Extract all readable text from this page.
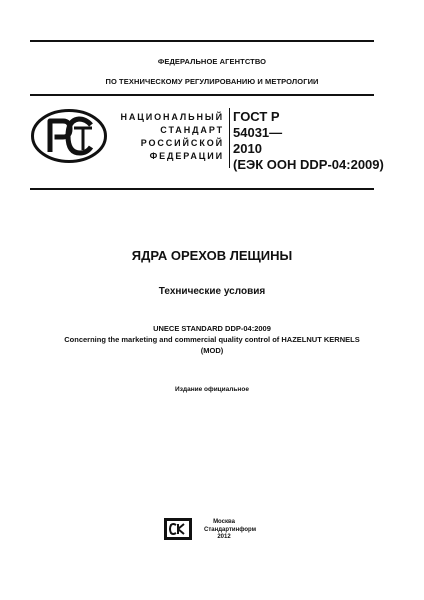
ФЕДЕРАЛЬНОЕ АГЕНТСТВО
ПО ТЕХНИЧЕСКОМУ РЕГУЛИРОВАНИЮ И МЕТРОЛОГИИ
НАЦИОНАЛЬНЫЙ
СТАНДАРТ
РОССИЙСКОЙ
ФЕДЕРАЦИИ
ГОСТ Р
54031—
2010
(ЕЭК ООН DDP-04:2009)
ЯДРА ОРЕХОВ ЛЕЩИНЫ
Технические условия
UNECE STANDARD DDP-04:2009
Concerning the marketing and commercial quality control of HAZELNUT KERNELS
(MOD)
Издание официальное
Москва
Стандартинформ
2012
